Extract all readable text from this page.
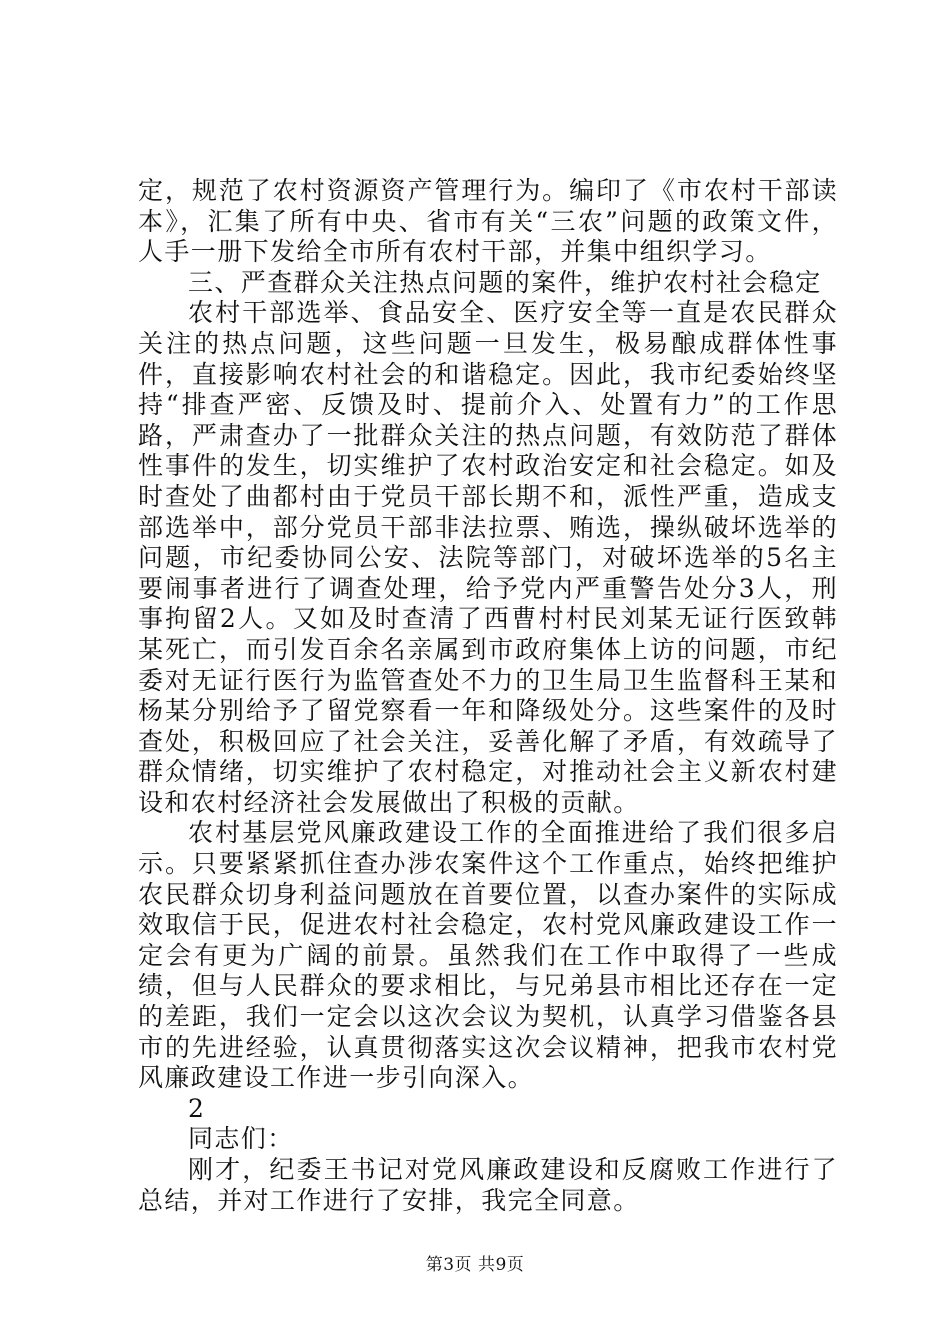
定，规范了农村资源资产管理行为。编印了《市农村干部读本》，汇集了所有中央、省市有关“三农”问题的政策文件，人手一册下发给全市所有农村干部，并集中组织学习。

三、严查群众关注热点问题的案件，维护农村社会稳定

农村干部选举、食品安全、医疗安全等一直是农民群众关注的热点问题，这些问题一旦发生，极易酿成群体性事件，直接影响农村社会的和谐稳定。因此，我市纪委始终坚持“排查严密、反馈及时、提前介入、处置有力”的工作思路，严肃查办了一批群众关注的热点问题，有效防范了群体性事件的发生，切实维护了农村政治安定和社会稳定。如及时查处了曲都村由于党员干部长期不和，派性严重，造成支部选举中，部分党员干部非法拉票、贿选，操纵破坏选举的问题，市纪委协同公安、法院等部门，对破坏选举的5名主要闹事者进行了调查处理，给予党内严重警告处分3人，刑事拘留2人。又如及时查清了西曹村村民刘某无证行医致韩某死亡，而引发百余名亲属到市政府集体上访的问题，市纪委对无证行医行为监管查处不力的卫生局卫生监督科王某和杨某分别给予了留党察看一年和降级处分。这些案件的及时查处，积极回应了社会关注，妥善化解了矛盾，有效疏导了群众情绪，切实维护了农村稳定，对推动社会主义新农村建设和农村经济社会发展做出了积极的贡献。

农村基层党风廉政建设工作的全面推进给了我们很多启示。只要紧紧抓住查办涉农案件这个工作重点，始终把维护农民群众切身利益问题放在首要位置，以查办案件的实际成效取信于民，促进农村社会稳定，农村党风廉政建设工作一定会有更为广阔的前景。虽然我们在工作中取得了一些成绩，但与人民群众的要求相比，与兄弟县市相比还存在一定的差距，我们一定会以这次会议为契机，认真学习借鉴各县市的先进经验，认真贯彻落实这次会议精神，把我市农村党风廉政建设工作进一步引向深入。

2

同志们：

刚才，纪委王书记对党风廉政建设和反腐败工作进行了总结，并对工作进行了安排，我完全同意。

第3页 共9页
